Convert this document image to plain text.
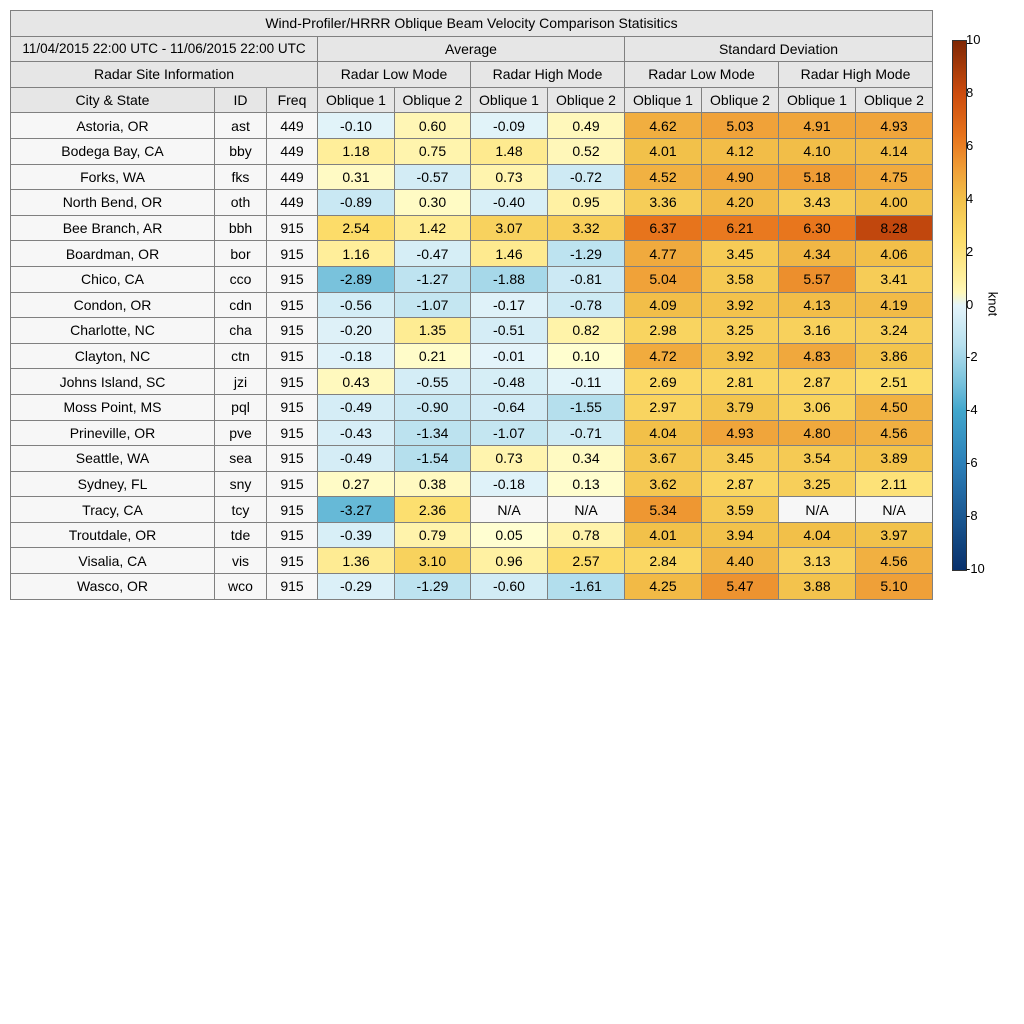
Wind-Profiler/HRRR Oblique Beam Velocity Comparison Statisitics										
11/04/2015 22:00 UTC - 11/06/2015 22:00 UTC			Average				Standard Deviation			
Radar Site Information			Radar Low Mode		Radar High Mode		Radar Low Mode		Radar High Mode	
City & State	ID	Freq	Oblique 1	Oblique 2	Oblique 1	Oblique 2	Oblique 1	Oblique 2	Oblique 1	Oblique 2
Astoria, OR	ast	449	-0.10	0.60	-0.09	0.49	4.62	5.03	4.91	4.93
Bodega Bay, CA	bby	449	1.18	0.75	1.48	0.52	4.01	4.12	4.10	4.14
Forks, WA	fks	449	0.31	-0.57	0.73	-0.72	4.52	4.90	5.18	4.75
North Bend, OR	oth	449	-0.89	0.30	-0.40	0.95	3.36	4.20	3.43	4.00
Bee Branch, AR	bbh	915	2.54	1.42	3.07	3.32	6.37	6.21	6.30	8.28
Boardman, OR	bor	915	1.16	-0.47	1.46	-1.29	4.77	3.45	4.34	4.06
Chico, CA	cco	915	-2.89	-1.27	-1.88	-0.81	5.04	3.58	5.57	3.41
Condon, OR	cdn	915	-0.56	-1.07	-0.17	-0.78	4.09	3.92	4.13	4.19
Charlotte, NC	cha	915	-0.20	1.35	-0.51	0.82	2.98	3.25	3.16	3.24
Clayton, NC	ctn	915	-0.18	0.21	-0.01	0.10	4.72	3.92	4.83	3.86
Johns Island, SC	jzi	915	0.43	-0.55	-0.48	-0.11	2.69	2.81	2.87	2.51
Moss Point, MS	pql	915	-0.49	-0.90	-0.64	-1.55	2.97	3.79	3.06	4.50
Prineville, OR	pve	915	-0.43	-1.34	-1.07	-0.71	4.04	4.93	4.80	4.56
Seattle, WA	sea	915	-0.49	-1.54	0.73	0.34	3.67	3.45	3.54	3.89
Sydney, FL	sny	915	0.27	0.38	-0.18	0.13	3.62	2.87	3.25	2.11
Tracy, CA	tcy	915	-3.27	2.36	N/A	N/A	5.34	3.59	N/A	N/A
Troutdale, OR	tde	915	-0.39	0.79	0.05	0.78	4.01	3.94	4.04	3.97
Visalia, CA	vis	915	1.36	3.10	0.96	2.57	2.84	4.40	3.13	4.56
Wasco, OR	wco	915	-0.29	-1.29	-0.60	-1.61	4.25	5.47	3.88	5.10
10
8
6
4
2
0
-2
-4
-6
-8
-10
knot
